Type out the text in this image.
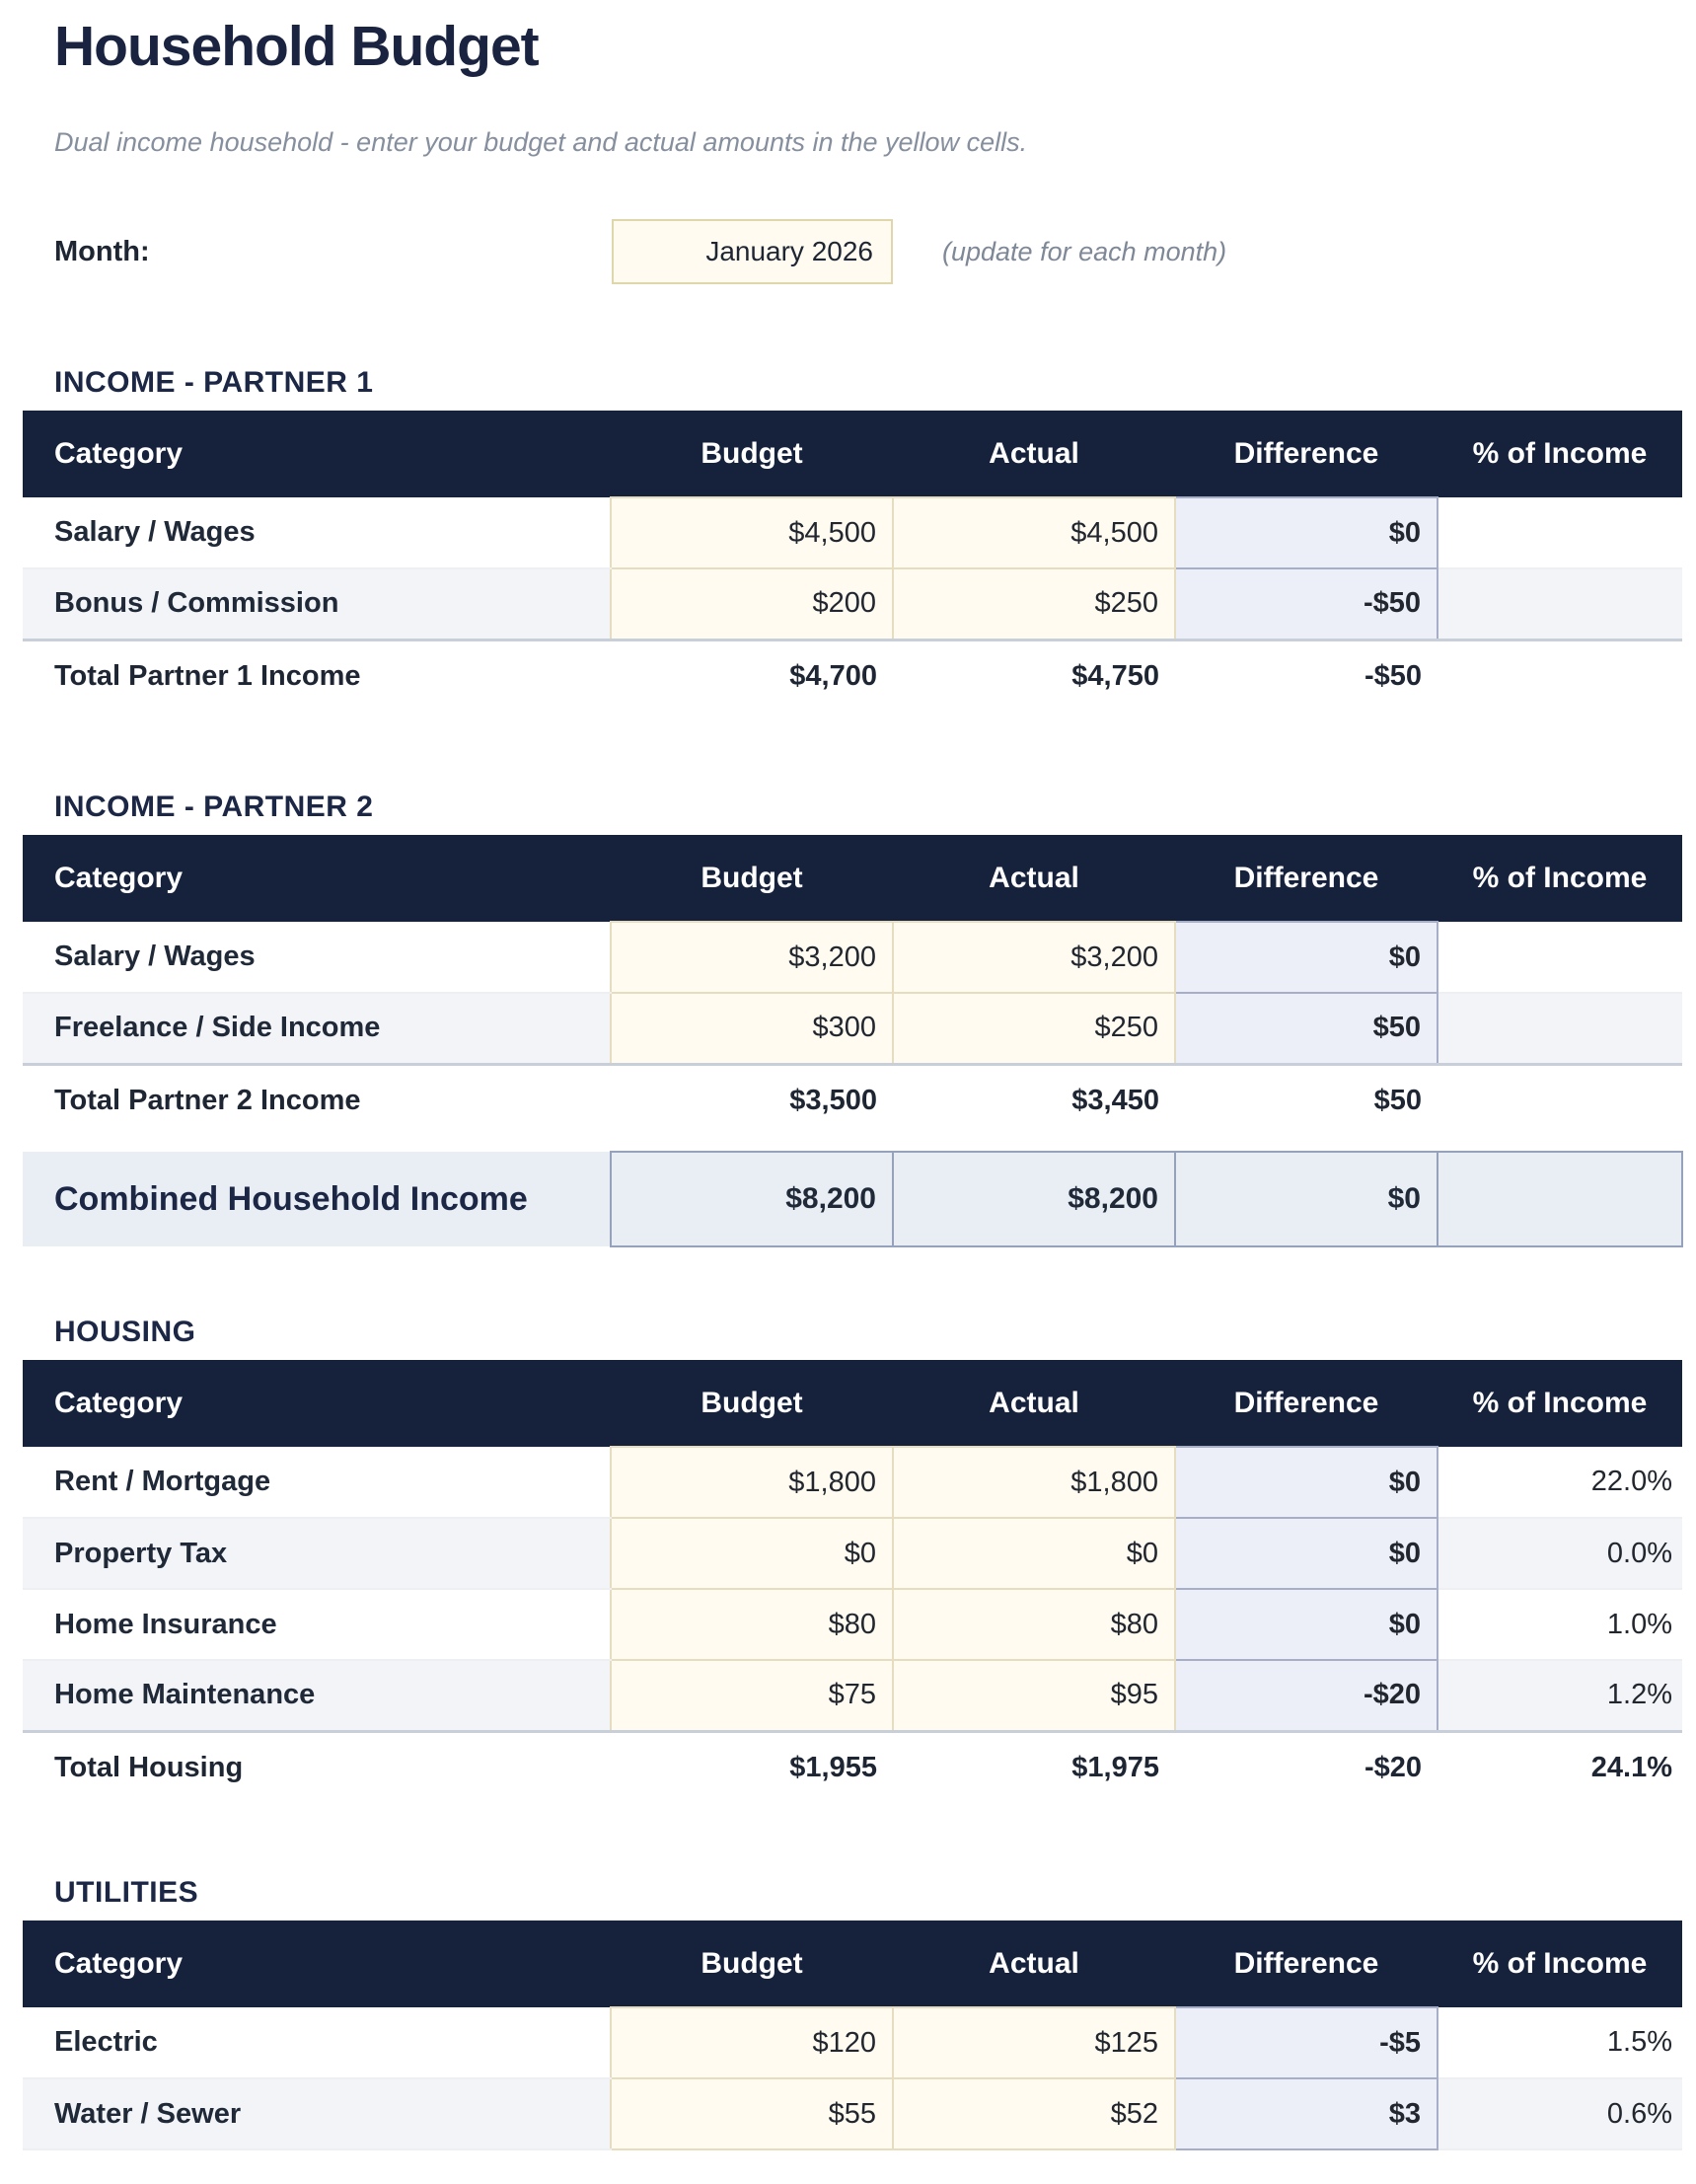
Household Budget

Dual income household - enter your budget and actual amounts in the yellow cells.

Month:	January 2026	(update for each month)
INCOME - PARTNER 1
Category	Budget	Actual	Difference	% of Income
Salary / Wages	$4,500	$4,500	$0	
Bonus / Commission	$200	$250	-$50	
Total Partner 1 Income	$4,700	$4,750	-$50	
INCOME - PARTNER 2
Category	Budget	Actual	Difference	% of Income
Salary / Wages	$3,200	$3,200	$0	
Freelance / Side Income	$300	$250	$50	
Total Partner 2 Income	$3,500	$3,450	$50	
Combined Household Income	$8,200	$8,200	$0	
HOUSING
Category	Budget	Actual	Difference	% of Income
Rent / Mortgage	$1,800	$1,800	$0	22.0%
Property Tax	$0	$0	$0	0.0%
Home Insurance	$80	$80	$0	1.0%
Home Maintenance	$75	$95	-$20	1.2%
Total Housing	$1,955	$1,975	-$20	24.1%
UTILITIES
Category	Budget	Actual	Difference	% of Income
Electric	$120	$125	-$5	1.5%
Water / Sewer	$55	$52	$3	0.6%
